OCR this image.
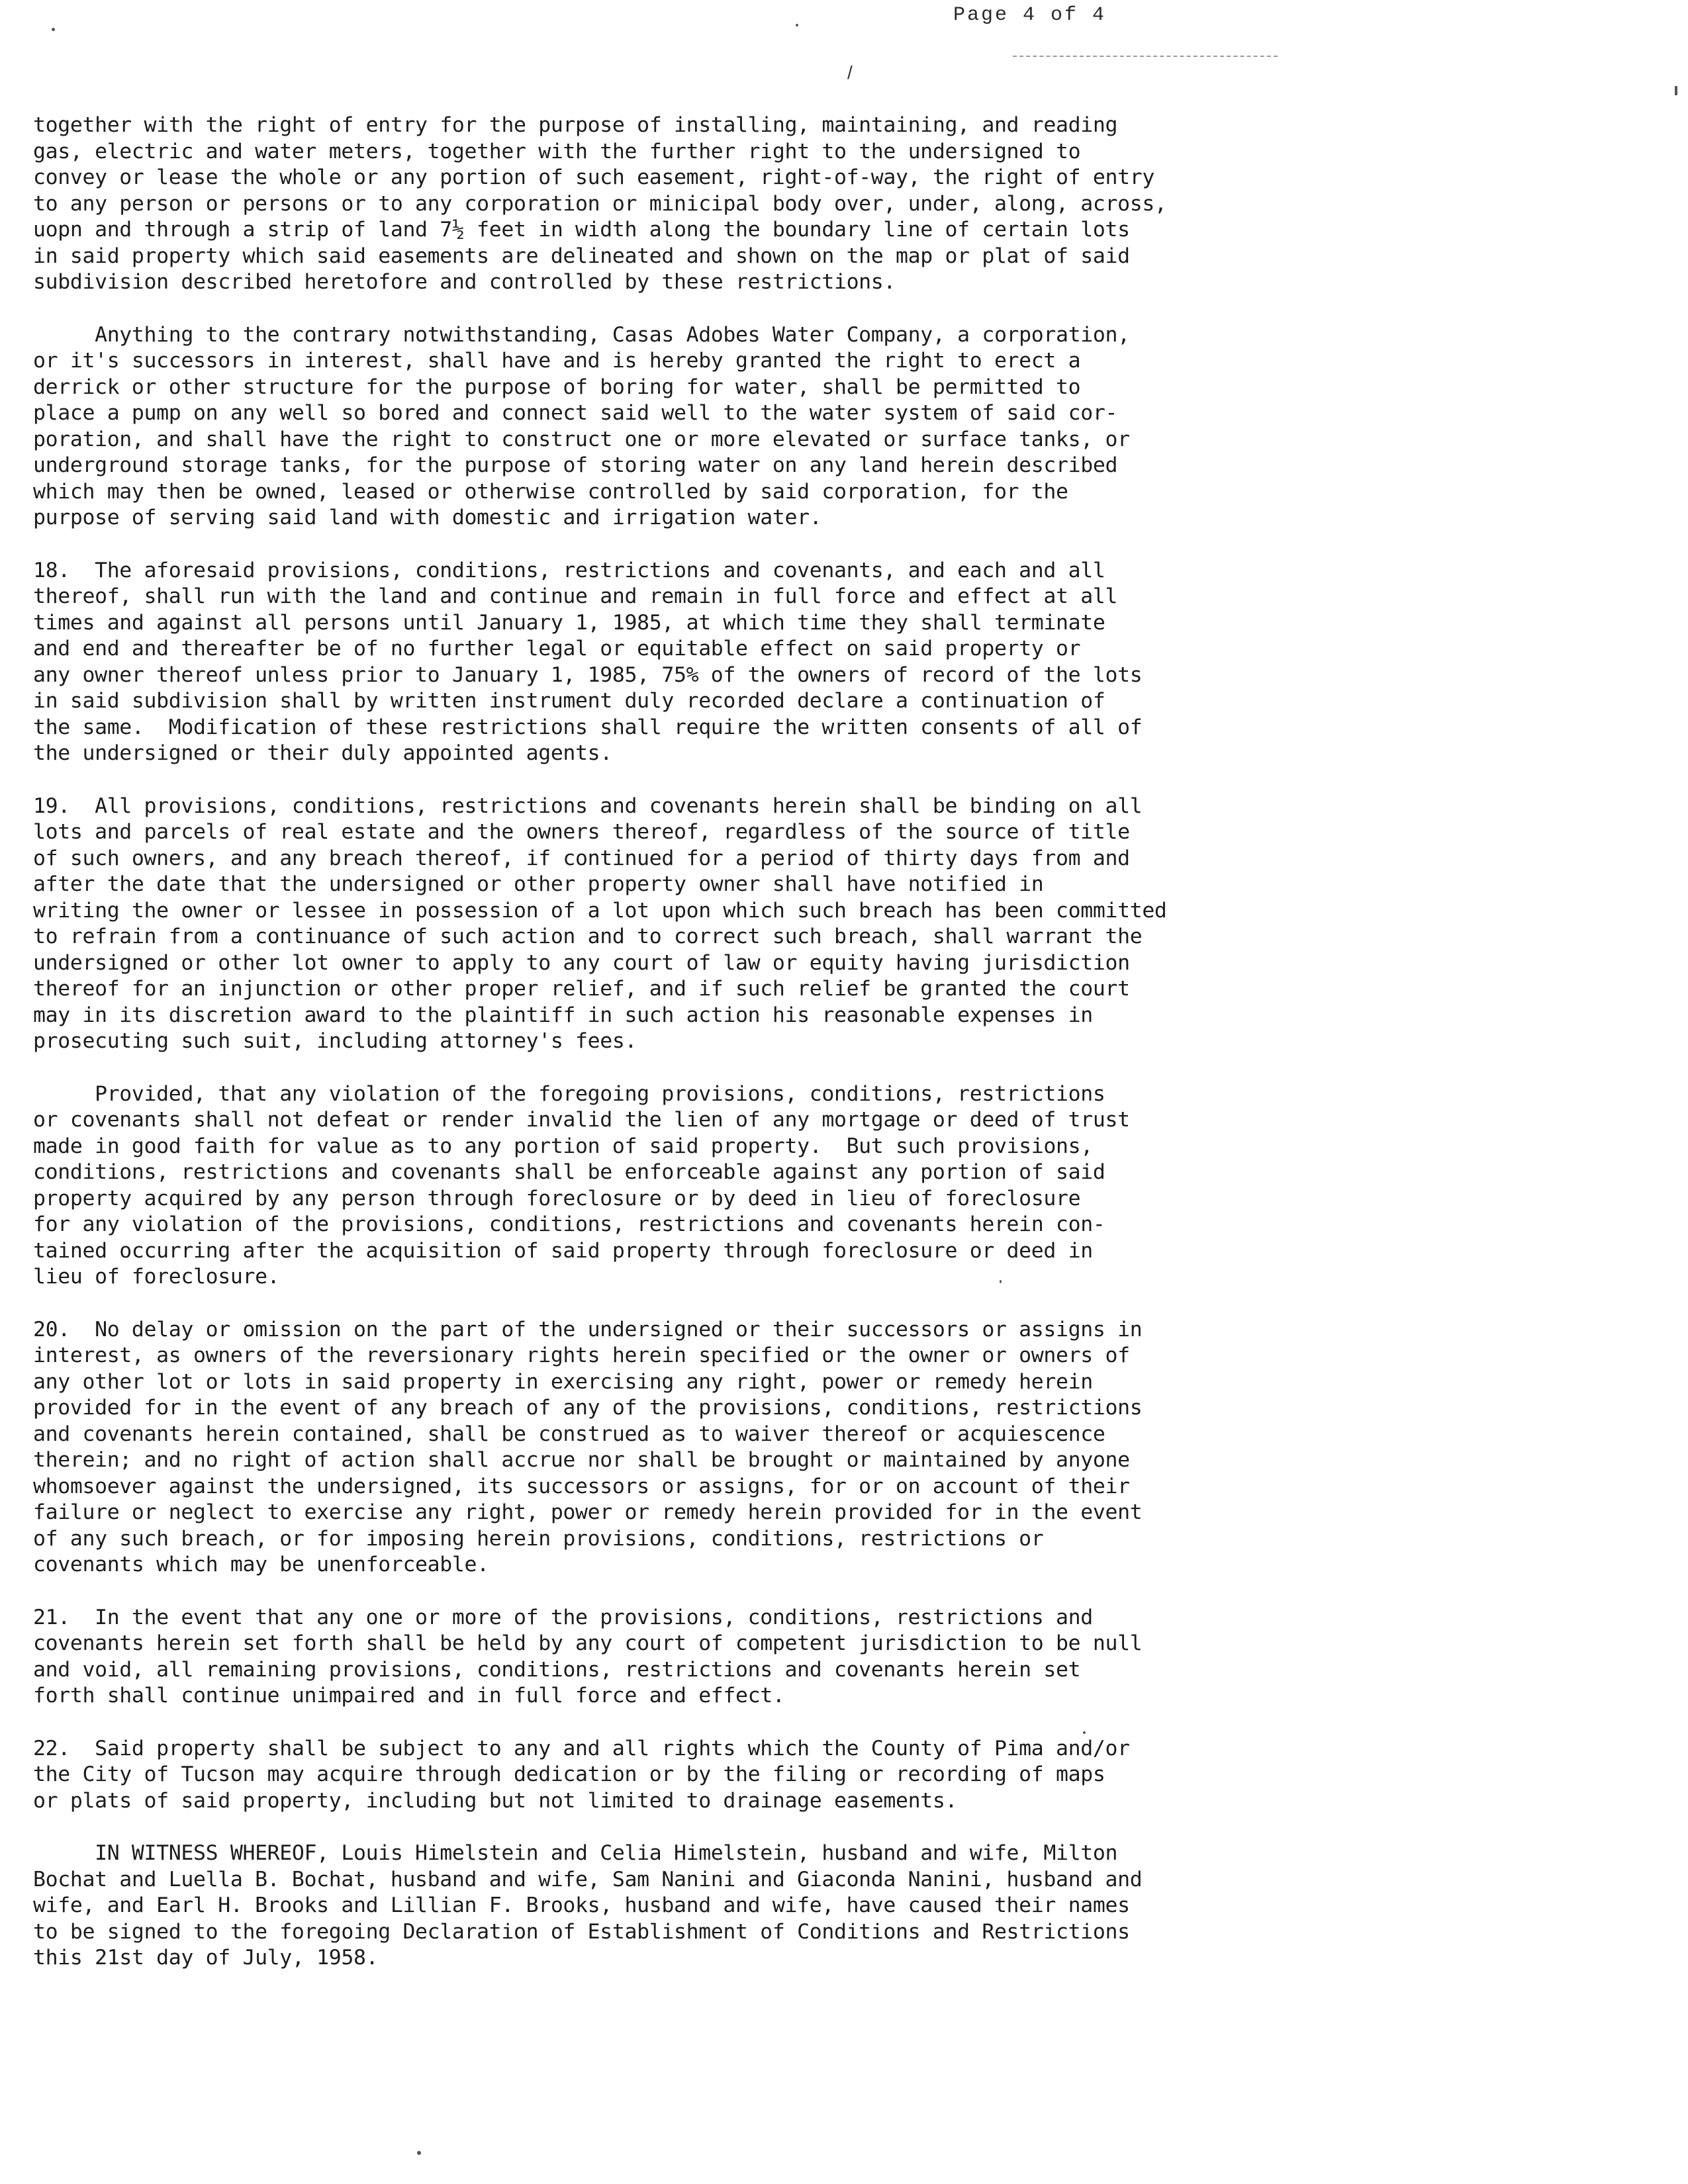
Page 4 of 4
/

together with the right of entry for the purpose of installing, maintaining, and reading
gas, electric and water meters, together with the further right to the undersigned to
convey or lease the whole or any portion of such easement, right-of-way, the right of entry
to any person or persons or to any corporation or minicipal body over, under, along, across,
uopn and through a strip of land 7½ feet in width along the boundary line of certain lots
in said property which said easements are delineated and shown on the map or plat of said
subdivision described heretofore and controlled by these restrictions.

Anything to the contrary notwithstanding, Casas Adobes Water Company, a corporation,
or it's successors in interest, shall have and is hereby granted the right to erect a
derrick or other structure for the purpose of boring for water, shall be permitted to
place a pump on any well so bored and connect said well to the water system of said cor-
poration, and shall have the right to construct one or more elevated or surface tanks, or
underground storage tanks, for the purpose of storing water on any land herein described
which may then be owned, leased or otherwise controlled by said corporation, for the
purpose of serving said land with domestic and irrigation water.

18.  The aforesaid provisions, conditions, restrictions and covenants, and each and all
thereof, shall run with the land and continue and remain in full force and effect at all
times and against all persons until January 1, 1985, at which time they shall terminate
and end and thereafter be of no further legal or equitable effect on said property or
any owner thereof unless prior to January 1, 1985, 75% of the owners of record of the lots
in said subdivision shall by written instrument duly recorded declare a continuation of
the same.  Modification of these restrictions shall require the written consents of all of
the undersigned or their duly appointed agents.

19.  All provisions, conditions, restrictions and covenants herein shall be binding on all
lots and parcels of real estate and the owners thereof, regardless of the source of title
of such owners, and any breach thereof, if continued for a period of thirty days from and
after the date that the undersigned or other property owner shall have notified in
writing the owner or lessee in possession of a lot upon which such breach has been committed
to refrain from a continuance of such action and to correct such breach, shall warrant the
undersigned or other lot owner to apply to any court of law or equity having jurisdiction
thereof for an injunction or other proper relief, and if such relief be granted the court
may in its discretion award to the plaintiff in such action his reasonable expenses in
prosecuting such suit, including attorney's fees.

Provided, that any violation of the foregoing provisions, conditions, restrictions
or covenants shall not defeat or render invalid the lien of any mortgage or deed of trust
made in good faith for value as to any portion of said property.  But such provisions,
conditions, restrictions and covenants shall be enforceable against any portion of said
property acquired by any person through foreclosure or by deed in lieu of foreclosure
for any violation of the provisions, conditions, restrictions and covenants herein con-
tained occurring after the acquisition of said property through foreclosure or deed in
lieu of foreclosure.

20.  No delay or omission on the part of the undersigned or their successors or assigns in
interest, as owners of the reversionary rights herein specified or the owner or owners of
any other lot or lots in said property in exercising any right, power or remedy herein
provided for in the event of any breach of any of the provisions, conditions, restrictions
and covenants herein contained, shall be construed as to waiver thereof or acquiescence
therein; and no right of action shall accrue nor shall be brought or maintained by anyone
whomsoever against the undersigned, its successors or assigns, for or on account of their
failure or neglect to exercise any right, power or remedy herein provided for in the event
of any such breach, or for imposing herein provisions, conditions, restrictions or
covenants which may be unenforceable.

21.  In the event that any one or more of the provisions, conditions, restrictions and
covenants herein set forth shall be held by any court of competent jurisdiction to be null
and void, all remaining provisions, conditions, restrictions and covenants herein set
forth shall continue unimpaired and in full force and effect.

22.  Said property shall be subject to any and all rights which the County of Pima and/or
the City of Tucson may acquire through dedication or by the filing or recording of maps
or plats of said property, including but not limited to drainage easements.

IN WITNESS WHEREOF, Louis Himelstein and Celia Himelstein, husband and wife, Milton
Bochat and Luella B. Bochat, husband and wife, Sam Nanini and Giaconda Nanini, husband and
wife, and Earl H. Brooks and Lillian F. Brooks, husband and wife, have caused their names
to be signed to the foregoing Declaration of Establishment of Conditions and Restrictions
this 21st day of July, 1958.
